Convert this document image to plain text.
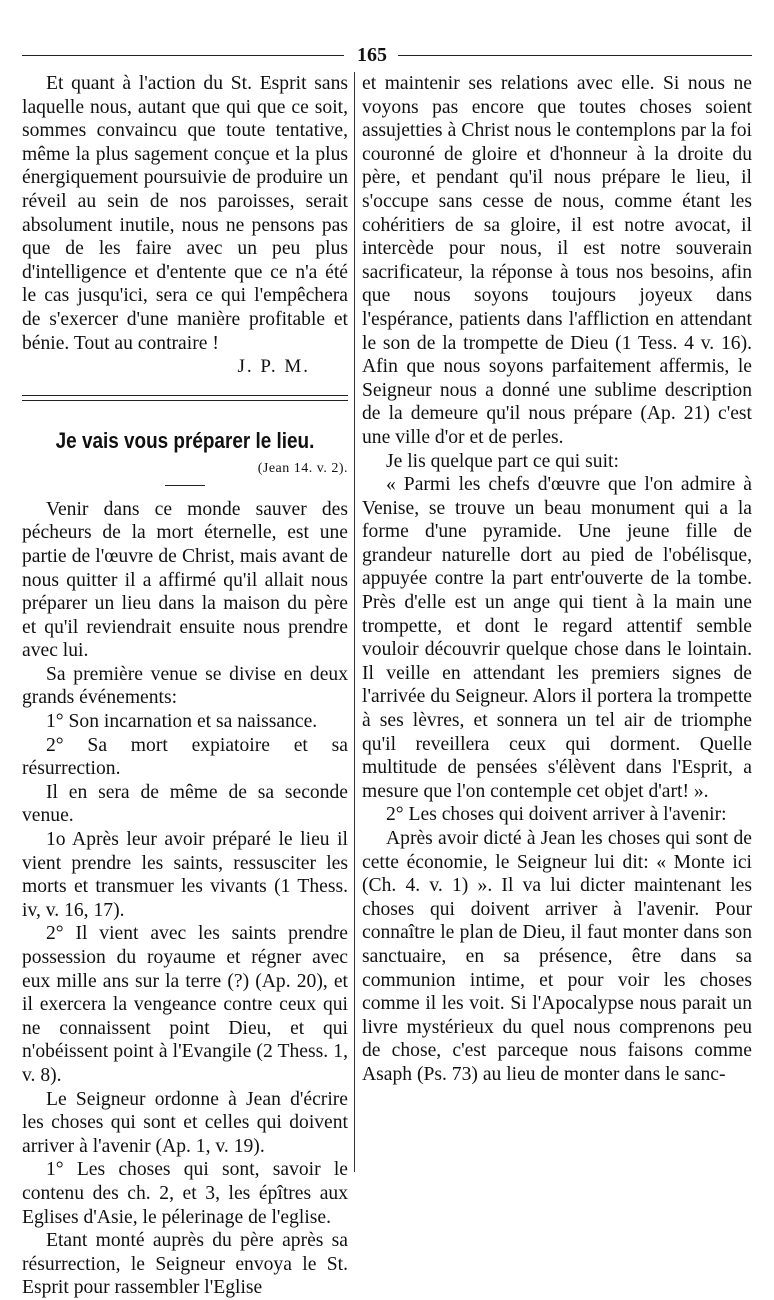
165

Et quant à l'action du St. Esprit sans laquelle nous, autant que qui que ce soit, sommes convaincu que toute tentative, même la plus sagement conçue et la plus énergiquement poursuivie de produire un réveil au sein de nos paroisses, serait absolument inutile, nous ne pensons pas que de les faire avec un peu plus d'intelligence et d'entente que ce n'a été le cas jusqu'ici, sera ce qui l'empêchera de s'exercer d'une manière profitable et bénie. Tout au contraire !

J. P. M.

Je vais vous préparer le lieu.
(Jean 14. v. 2).

Venir dans ce monde sauver des pécheurs de la mort éternelle, est une partie de l'œuvre de Christ, mais avant de nous quitter il a affirmé qu'il allait nous préparer un lieu dans la maison du père et qu'il reviendrait ensuite nous prendre avec lui.

Sa première venue se divise en deux grands événements:

1° Son incarnation et sa naissance.

2° Sa mort expiatoire et sa résurrection.

Il en sera de même de sa seconde venue.

1o Après leur avoir préparé le lieu il vient prendre les saints, ressusciter les morts et transmuer les vivants (1 Thess. iv, v. 16, 17).

2° Il vient avec les saints prendre possession du royaume et régner avec eux mille ans sur la terre (?) (Ap. 20), et il exercera la vengeance contre ceux qui ne connaissent point Dieu, et qui n'obéissent point à l'Evangile (2 Thess. 1, v. 8).

Le Seigneur ordonne à Jean d'écrire les choses qui sont et celles qui doivent arriver à l'avenir (Ap. 1, v. 19).

1° Les choses qui sont, savoir le contenu des ch. 2, et 3, les épîtres aux Eglises d'Asie, le pélerinage de l'eglise.

Etant monté auprès du père après sa résurrection, le Seigneur envoya le St. Esprit pour rassembler l'Eglise

et maintenir ses relations avec elle. Si nous ne voyons pas encore que toutes choses soient assujetties à Christ nous le contemplons par la foi couronné de gloire et d'honneur à la droite du père, et pendant qu'il nous prépare le lieu, il s'occupe sans cesse de nous, comme étant les cohéritiers de sa gloire, il est notre avocat, il intercède pour nous, il est notre souverain sacrificateur, la réponse à tous nos besoins, afin que nous soyons toujours joyeux dans l'espérance, patients dans l'affliction en attendant le son de la trompette de Dieu (1 Tess. 4 v. 16). Afin que nous soyons parfaitement affermis, le Seigneur nous a donné une sublime description de la demeure qu'il nous prépare (Ap. 21) c'est une ville d'or et de perles.

Je lis quelque part ce qui suit:

« Parmi les chefs d'œuvre que l'on admire à Venise, se trouve un beau monument qui a la forme d'une pyramide. Une jeune fille de grandeur naturelle dort au pied de l'obélisque, appuyée contre la part entr'ouverte de la tombe. Près d'elle est un ange qui tient à la main une trompette, et dont le regard attentif semble vouloir découvrir quelque chose dans le lointain. Il veille en attendant les premiers signes de l'arrivée du Seigneur. Alors il portera la trompette à ses lèvres, et sonnera un tel air de triomphe qu'il reveillera ceux qui dorment. Quelle multitude de pensées s'élèvent dans l'Esprit, a mesure que l'on contemple cet objet d'art! ».

2° Les choses qui doivent arriver à l'avenir:

Après avoir dicté à Jean les choses qui sont de cette économie, le Seigneur lui dit: « Monte ici (Ch. 4. v. 1) ». Il va lui dicter maintenant les choses qui doivent arriver à l'avenir. Pour connaître le plan de Dieu, il faut monter dans son sanctuaire, en sa présence, être dans sa communion intime, et pour voir les choses comme il les voit. Si l'Apocalypse nous parait un livre mystérieux du quel nous comprenons peu de chose, c'est parceque nous faisons comme Asaph (Ps. 73) au lieu de monter dans le sanc-
